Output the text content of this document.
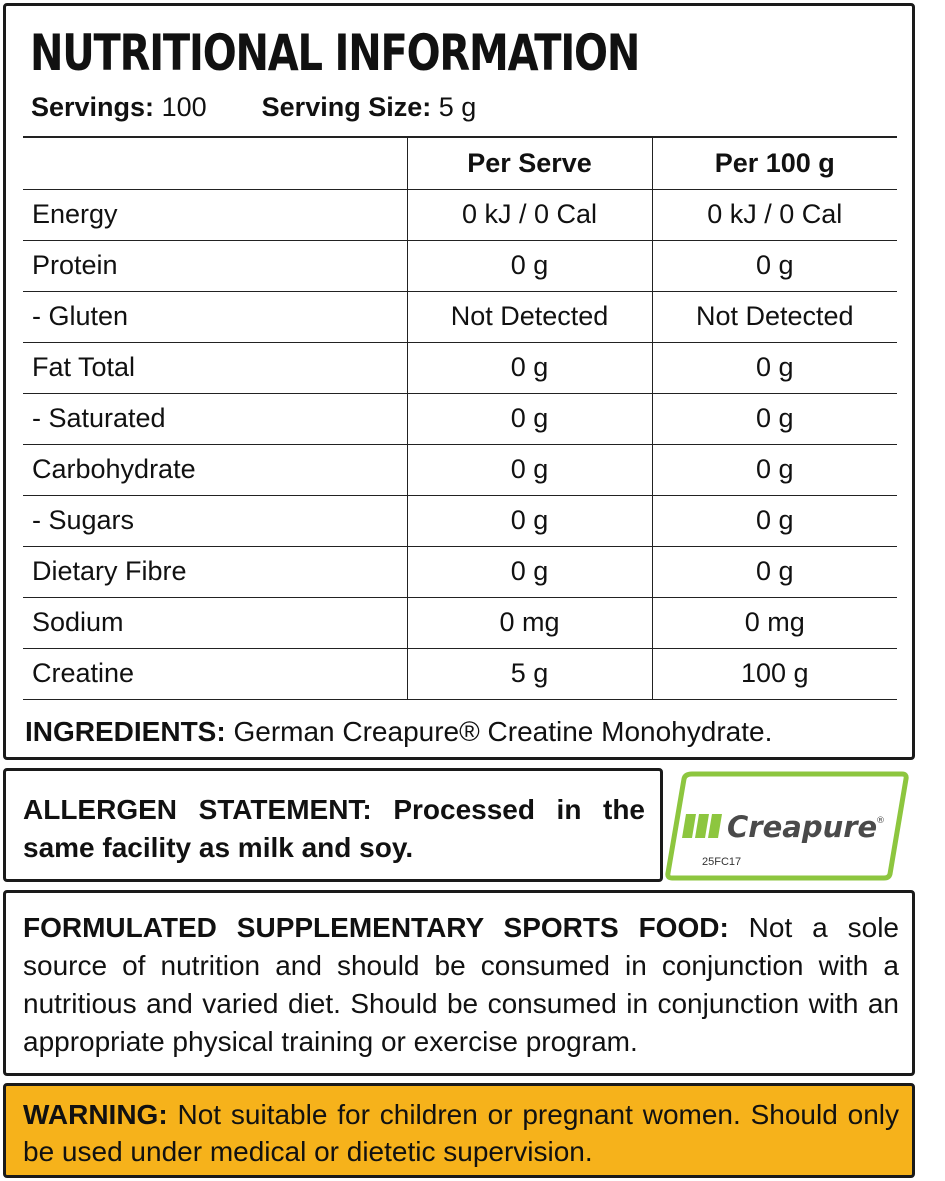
NUTRITIONAL INFORMATION
Servings: 100 Serving Size: 5 g
	Per Serve	Per 100 g
Energy	0 kJ / 0 Cal	0 kJ / 0 Cal
Protein	0 g	0 g
- Gluten	Not Detected	Not Detected
Fat Total	0 g	0 g
- Saturated	0 g	0 g
Carbohydrate	0 g	0 g
- Sugars	0 g	0 g
Dietary Fibre	0 g	0 g
Sodium	0 mg	0 mg
Creatine	5 g	100 g
INGREDIENTS: German Creapure® Creatine Monohydrate.

ALLERGEN STATEMENT: Processed in the same facility as milk and soy.

Creapure
®
25FC17

FORMULATED SUPPLEMENTARY SPORTS FOOD: Not a sole source of nutrition and should be consumed in conjunction with a nutritious and varied diet. Should be consumed in conjunction with an appropriate physical training or exercise program.

WARNING: Not suitable for children or pregnant women. Should only be used under medical or dietetic supervision.
